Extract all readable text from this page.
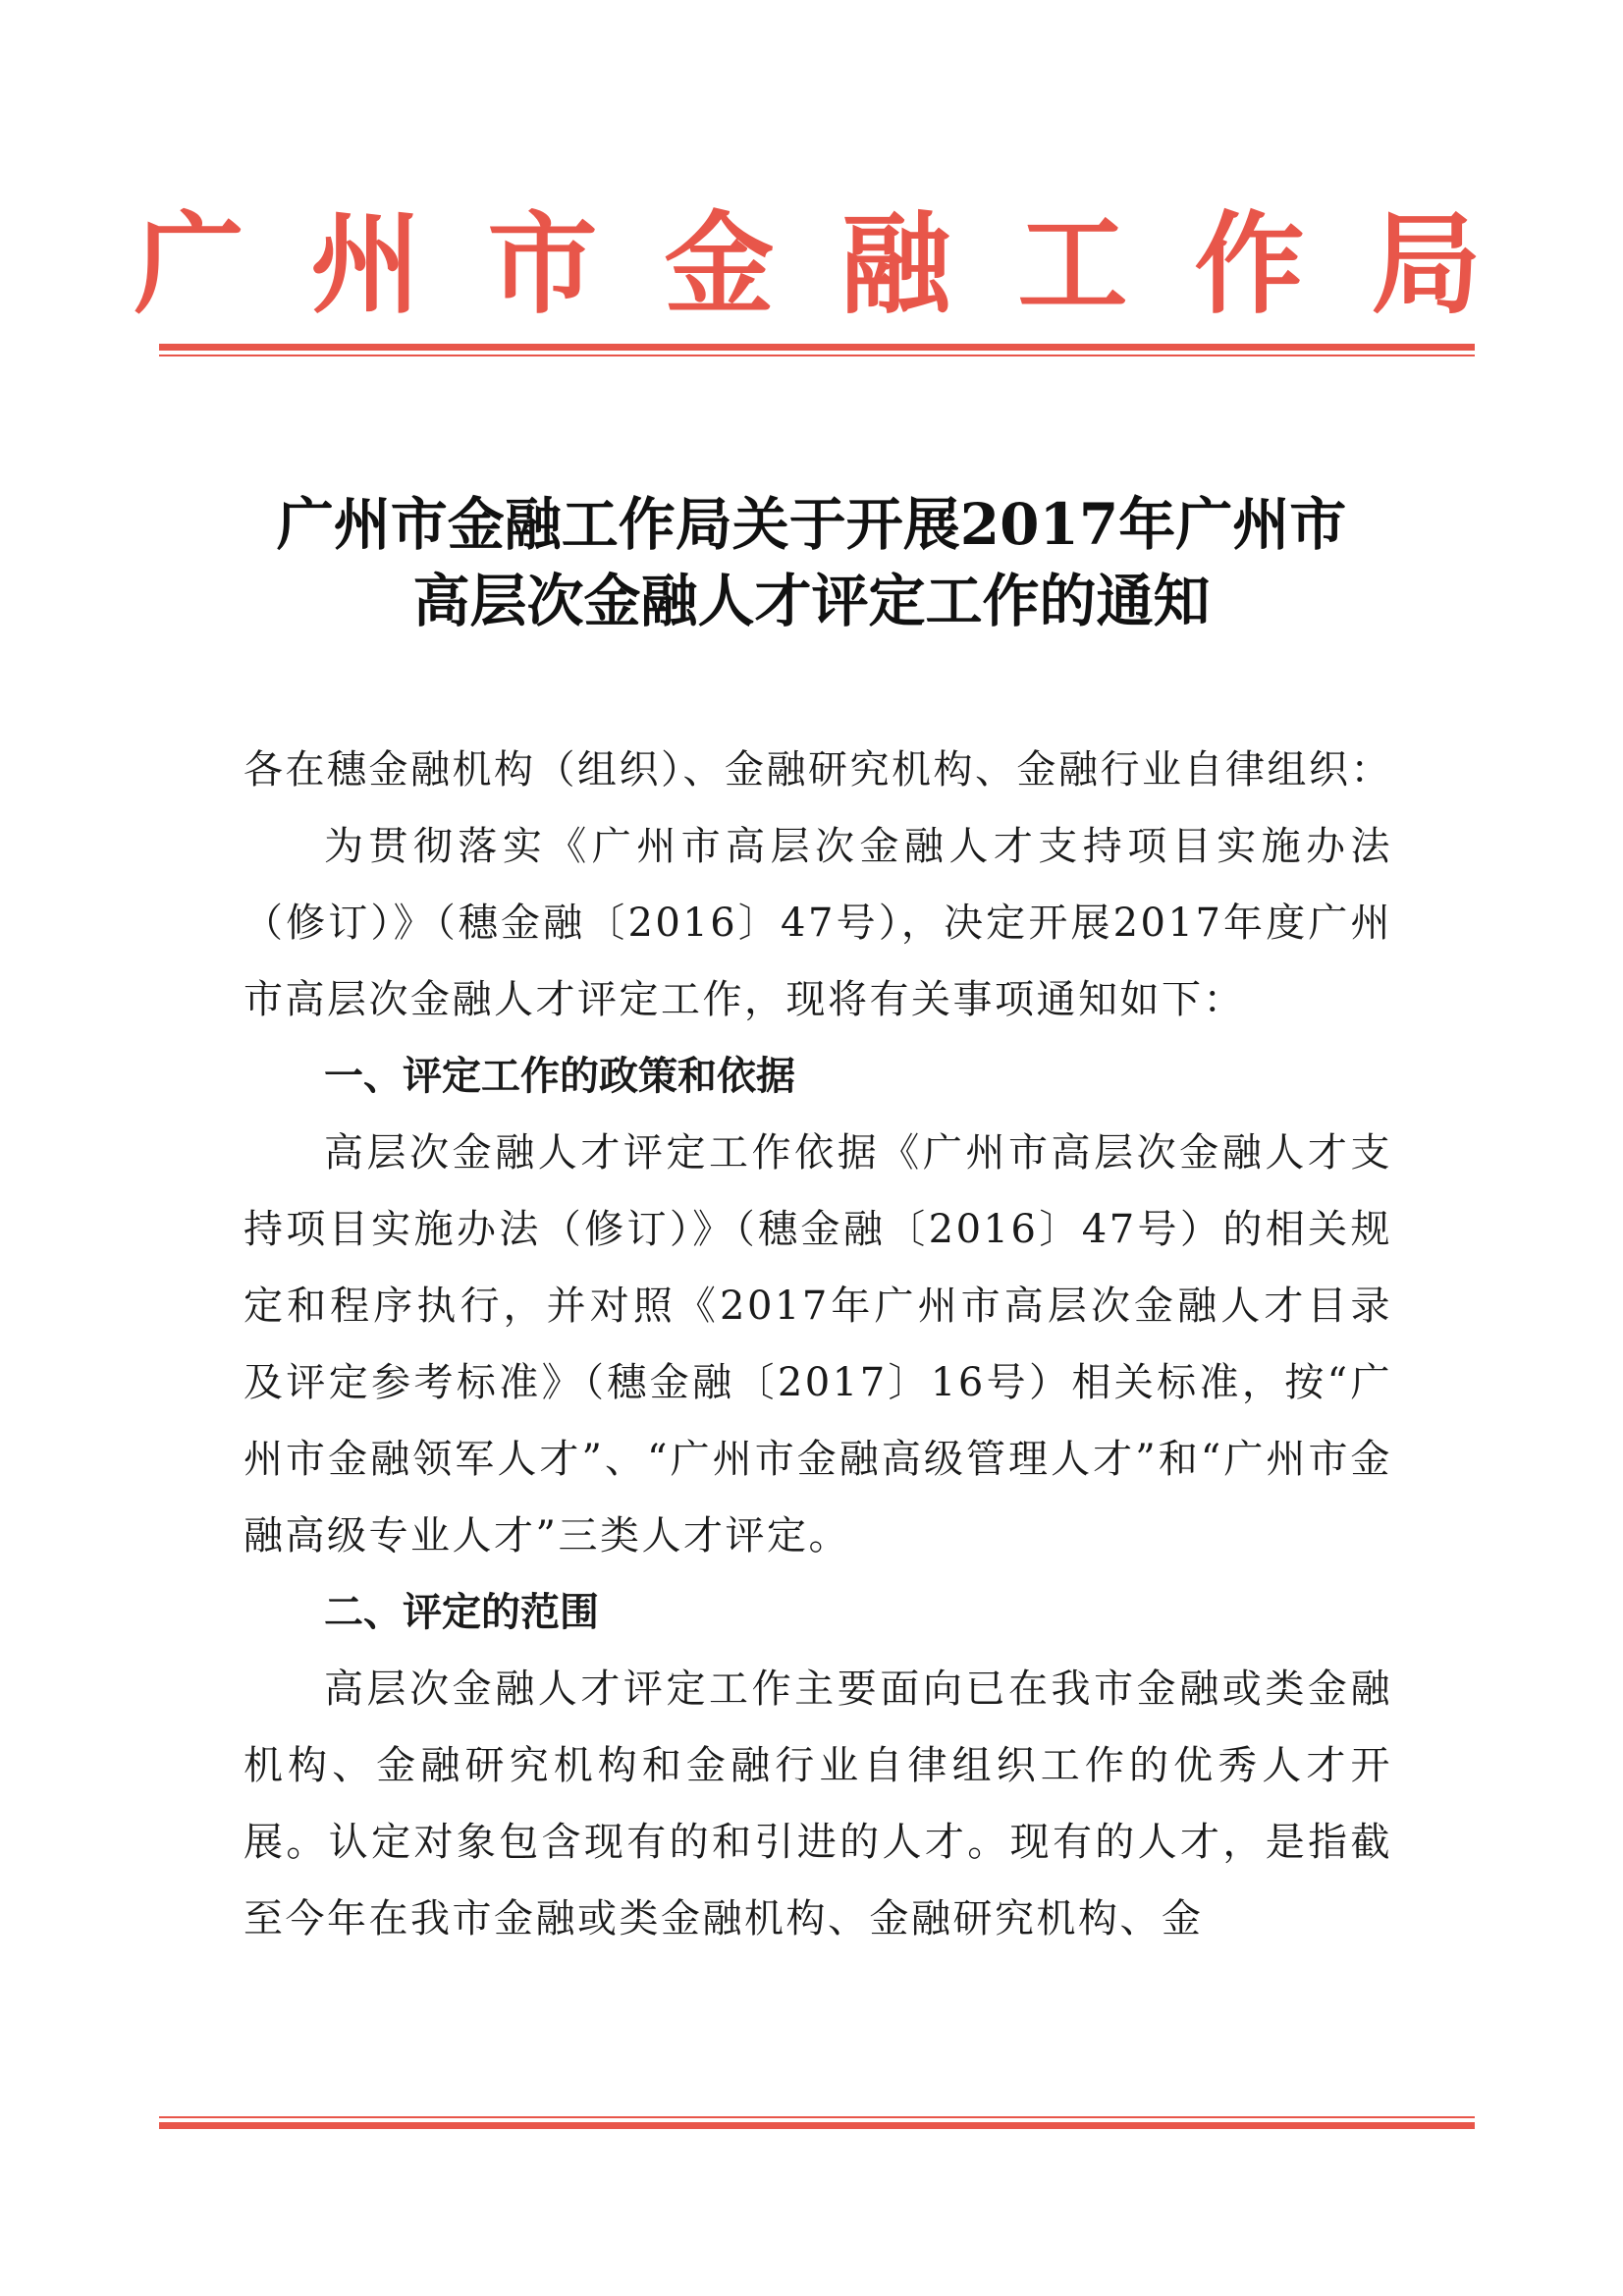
广州市金融工作局
广州市金融工作局关于开展2017年广州市
高层次金融人才评定工作的通知

各在穗金融机构（组织）、金融研究机构、金融行业自律组织：

为贯彻落实《广州市高层次金融人才支持项目实施办法（修订）》（穗金融〔2016〕47号），决定开展2017年度广州市高层次金融人才评定工作，现将有关事项通知如下：

一、评定工作的政策和依据

高层次金融人才评定工作依据《广州市高层次金融人才支持项目实施办法（修订）》（穗金融〔2016〕47号）的相关规定和程序执行，并对照《2017年广州市高层次金融人才目录及评定参考标准》（穗金融〔2017〕16号）相关标准，按“广州市金融领军人才”、“广州市金融高级管理人才”和“广州市金融高级专业人才”三类人才评定。

二、评定的范围

高层次金融人才评定工作主要面向已在我市金融或类金融机构、金融研究机构和金融行业自律组织工作的优秀人才开展。认定对象包含现有的和引进的人才。现有的人才，是指截至今年在我市金融或类金融机构、金融研究机构、金
